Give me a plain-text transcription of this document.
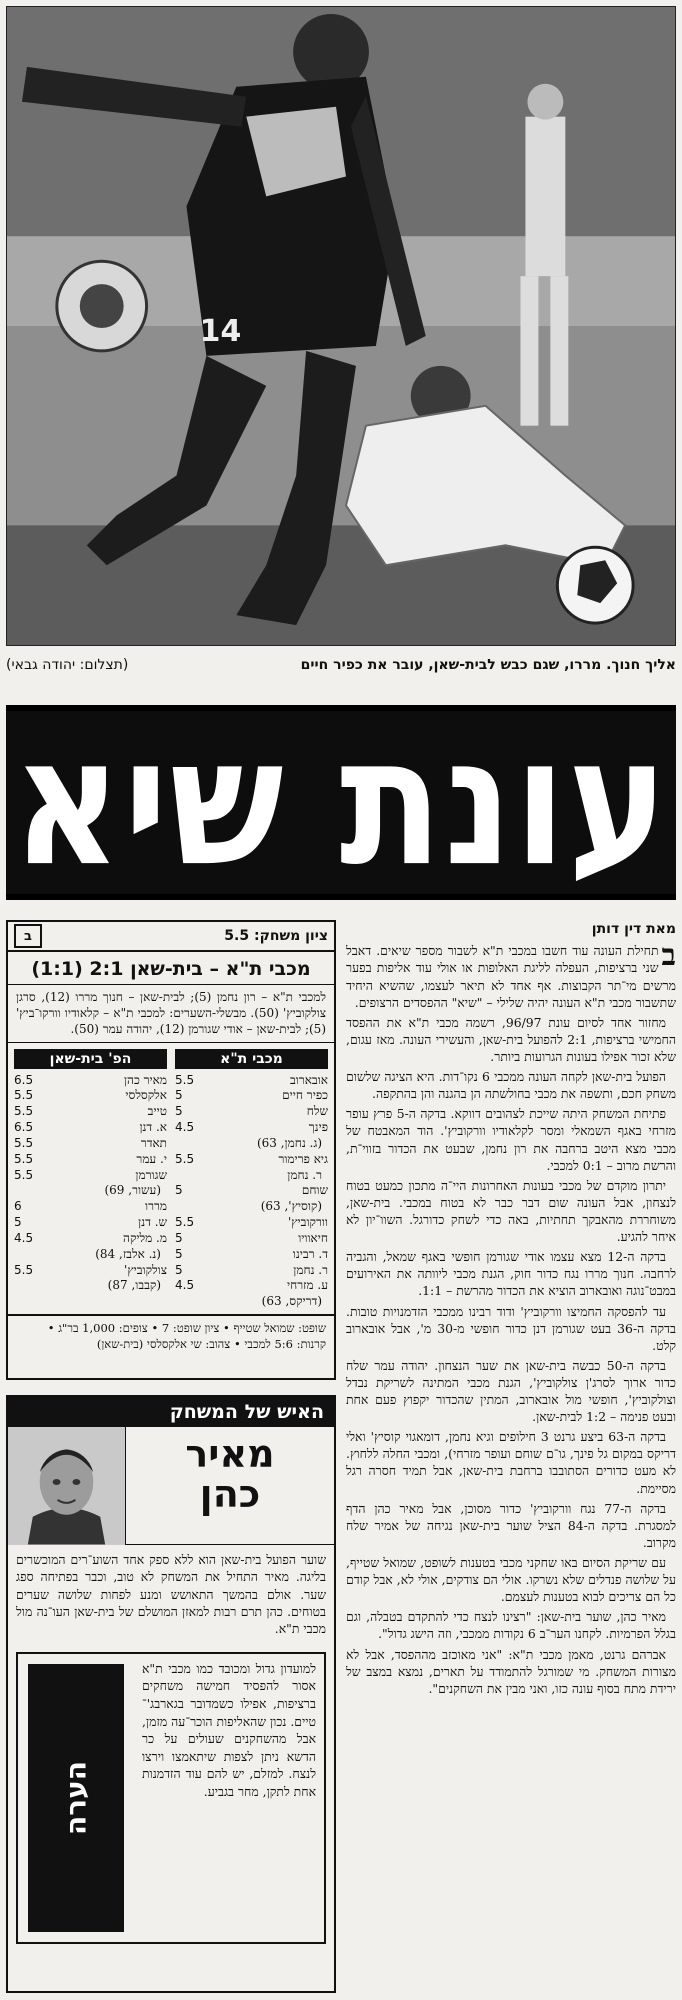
14
אליך חנוך. מררו, שגם כבש לבית-שאן, עובר את כפיר חיים
(תצלום: יהודה גבאי)
עונת שיא
מאת דין דותן

ב
תחילת העונה עוד חשבו במכבי ת"א לשבור מספר שיאים. דאבל שני ברציפות, העפלה לליגת האלופות או אולי עוד אליפות בפער מרשים מי־תר הקבוצות. אף אחד לא תיאר לעצמו, שהשיא היחיד שתשבור מכבי ת"א העונה יהיה שלילי – "שיא" ההפסדים הרצופים.

מחזור אחד לסיום עונת 96/97, רשמה מכבי ת"א את ההפסד החמישי ברציפות, 2:1 להפועל בית-שאן, והעשירי העונה. מאז עגום, שלא זכור אפילו בעונות הגרועות ביותר.

הפועל בית-שאן לקחה העונה ממכבי 6 נקו־דות. היא הציגה שלשום משחק חכם, ותשפה את מכבי בחולשתה הן בהגנה והן בהתקפה.

פתיחת המשחק היתה שייכת לצהובים דווקא. בדקה ה-5 פרץ עופר מזרחי באגף השמאלי ומסר לקלאודיו וורקוביץ'. הוד המאבטח של מכבי מצא היטב ברחבה את רון נחמן, שבעט את הכדור בזווי־ת, והרשת מרוב – 0:1 למכבי.

יתרון מוקדם של מכבי בעונות האחרונות היי־ה מתכון כמעט בטוח לנצחון, אבל העונה שום דבר כבר לא בטוח במכבי. בית-שאן, משוחררת מהאבקך תחתיות, באה כדי לשחק כדורגל. השוו־יון לא איחר להגיע.

בדקה ה-12 מצא עצמו אודי שגורמן חופשי באגף שמאל, והגביה לרחבה. חנוך מררו נגח כדור חוק, הגנת מכבי ליוותה את האירועים במבט־נוגה ואובארוב הוציא את הכדור מהרשת – 1:1.

עד להפסקה החמיצו וורקוביץ' ודוד רבינו ממכבי הזדמנויות טובות. בדקה ה-36 בעט שגורמן דנן כדור חופשי מ-30 מ', אבל אובארוב קלט.

בדקה ה-50 כבשה בית-שאן את שער הנצחון. יהודה עמר שלח כדור ארוך לסרג'ן צולקוביץ', הגנת מכבי המתינה לשריקת נבדל וצולקוביץ', חופשי מול אובארוב, המתין שהכדור יקפוץ פעם אחת ובעט פנימה – 1:2 לבית-שאן.

בדקה ה-63 ביצע גרנט 3 חילופים וגיא נחמן, דומאגוי קוסיץ' ואלי דריקס במקום גל פינך, גו־ם שוחם ועופר מזרחי), ומכבי החלה ללחוץ. לא מעט כדורים הסתובבו ברחבת בית-שאן, אבל תמיד חסרה רגל מסיימת.

בדקה ה-77 נגח וורקוביץ' כדור מסוכן, אבל מאיר כהן הדף למסגרת. בדקה ה-84 הציל שוער בית-שאן נגיחה של אמיר שלח מקרוב.

עם שריקת הסיום באו שחקני מכבי בטענות לשופט, שמואל שטייף, על שלושה פנדלים שלא נשרקו. אולי הם צודקים, אולי לא, אבל קודם כל הם צריכים לבוא בטענות לעצמם.

מאיר כהן, שוער בית-שאן: "רצינו לנצח כדי להתקדם בטבלה, וגם בגלל הפרמיות. לקחנו הער־ב 6 נקודות ממכבי, וזה הישג גדול".

אברהם גרנט, מאמן מכבי ת"א: "אני מאוכזב מההפסד, אבל לא מצורות המשחק. מי שמורגל להתמודד על תארים, נמצא במצב של ירידת מתח בסוף עונה כזו, ואני מבין את השחקנים".

ציון משחק: 5.5
ב
מכבי ת"א – בית-שאן 2:1 (1:1)
למכבי ת"א – רון נחמן (5); לבית-שאן – חנוך מררו (12), סרגן צולקוביץ' (50). מבשלי-השערים: למכבי ת"א – קלאודיו וורקו־ביץ' (5); לבית-שאן – אודי שגורמן (12), יהודה עמר (50).
מכבי ת"א
אובארוב
5.5
כפיר חיים
5
שלח
5
פינך
4.5
(ג. נחמן, 63)
גיא פרימור
5.5
ר. נחמן
שוחם
5
(קוסיץ', 63)
וורקוביץ'
5.5
חיאוויו
5
ד. רבינו
5
ר. נחמן
5
ע. מזרחי
4.5
(דריקס, 63)
הפ' בית-שאן
מאיר כהן
6.5
אלקסלסי
5.5
טייב
5.5
א. דנן
6.5
תאדר
5.5
י. עמר
5.5
שגורמן
5.5
(עשור, 69)
מררו
6
ש. דנן
5
מ. מליקה
4.5
(נ. אלבז, 84)
צולקוביץ'
5.5
(קבבו, 87)
שופט: שמואל שטייף • ציון שופט: 7 • צופים: 1,000 בר"ג • קרנות: 5:6 למכבי • צהוב: שי אלקסלסי (בית-שאן)
האיש של המשחק
מאיר
כהן
שוער הפועל בית-שאן הוא ללא ספק אחד השוע־רים המוכשרים בליגה. מאיר התחיל את המשחק לא טוב, וכבר בפתיחה ספג שער. אולם בהמשך התאושש ומנע לפחות שלושה שערים בטוחים. כהן תרם רבות למאזן המושלם של בית-שאן העו־נה מול מכבי ת"א.
למועדון גדול ומכובד כמו מכבי ת"א אסור להפסיד חמישה משחקים ברציפות, אפילו כשמדובר בגארבג'־טיים. נכון שהאליפות הוכר־עה מזמן, אבל מהשחקנים שעולים על כר הדשא ניתן לצפות שיתאמצו וירצו לנצח. למזלם, יש להם עוד הזדמנות אחת לתקן, מחר בגביע.
הערה
